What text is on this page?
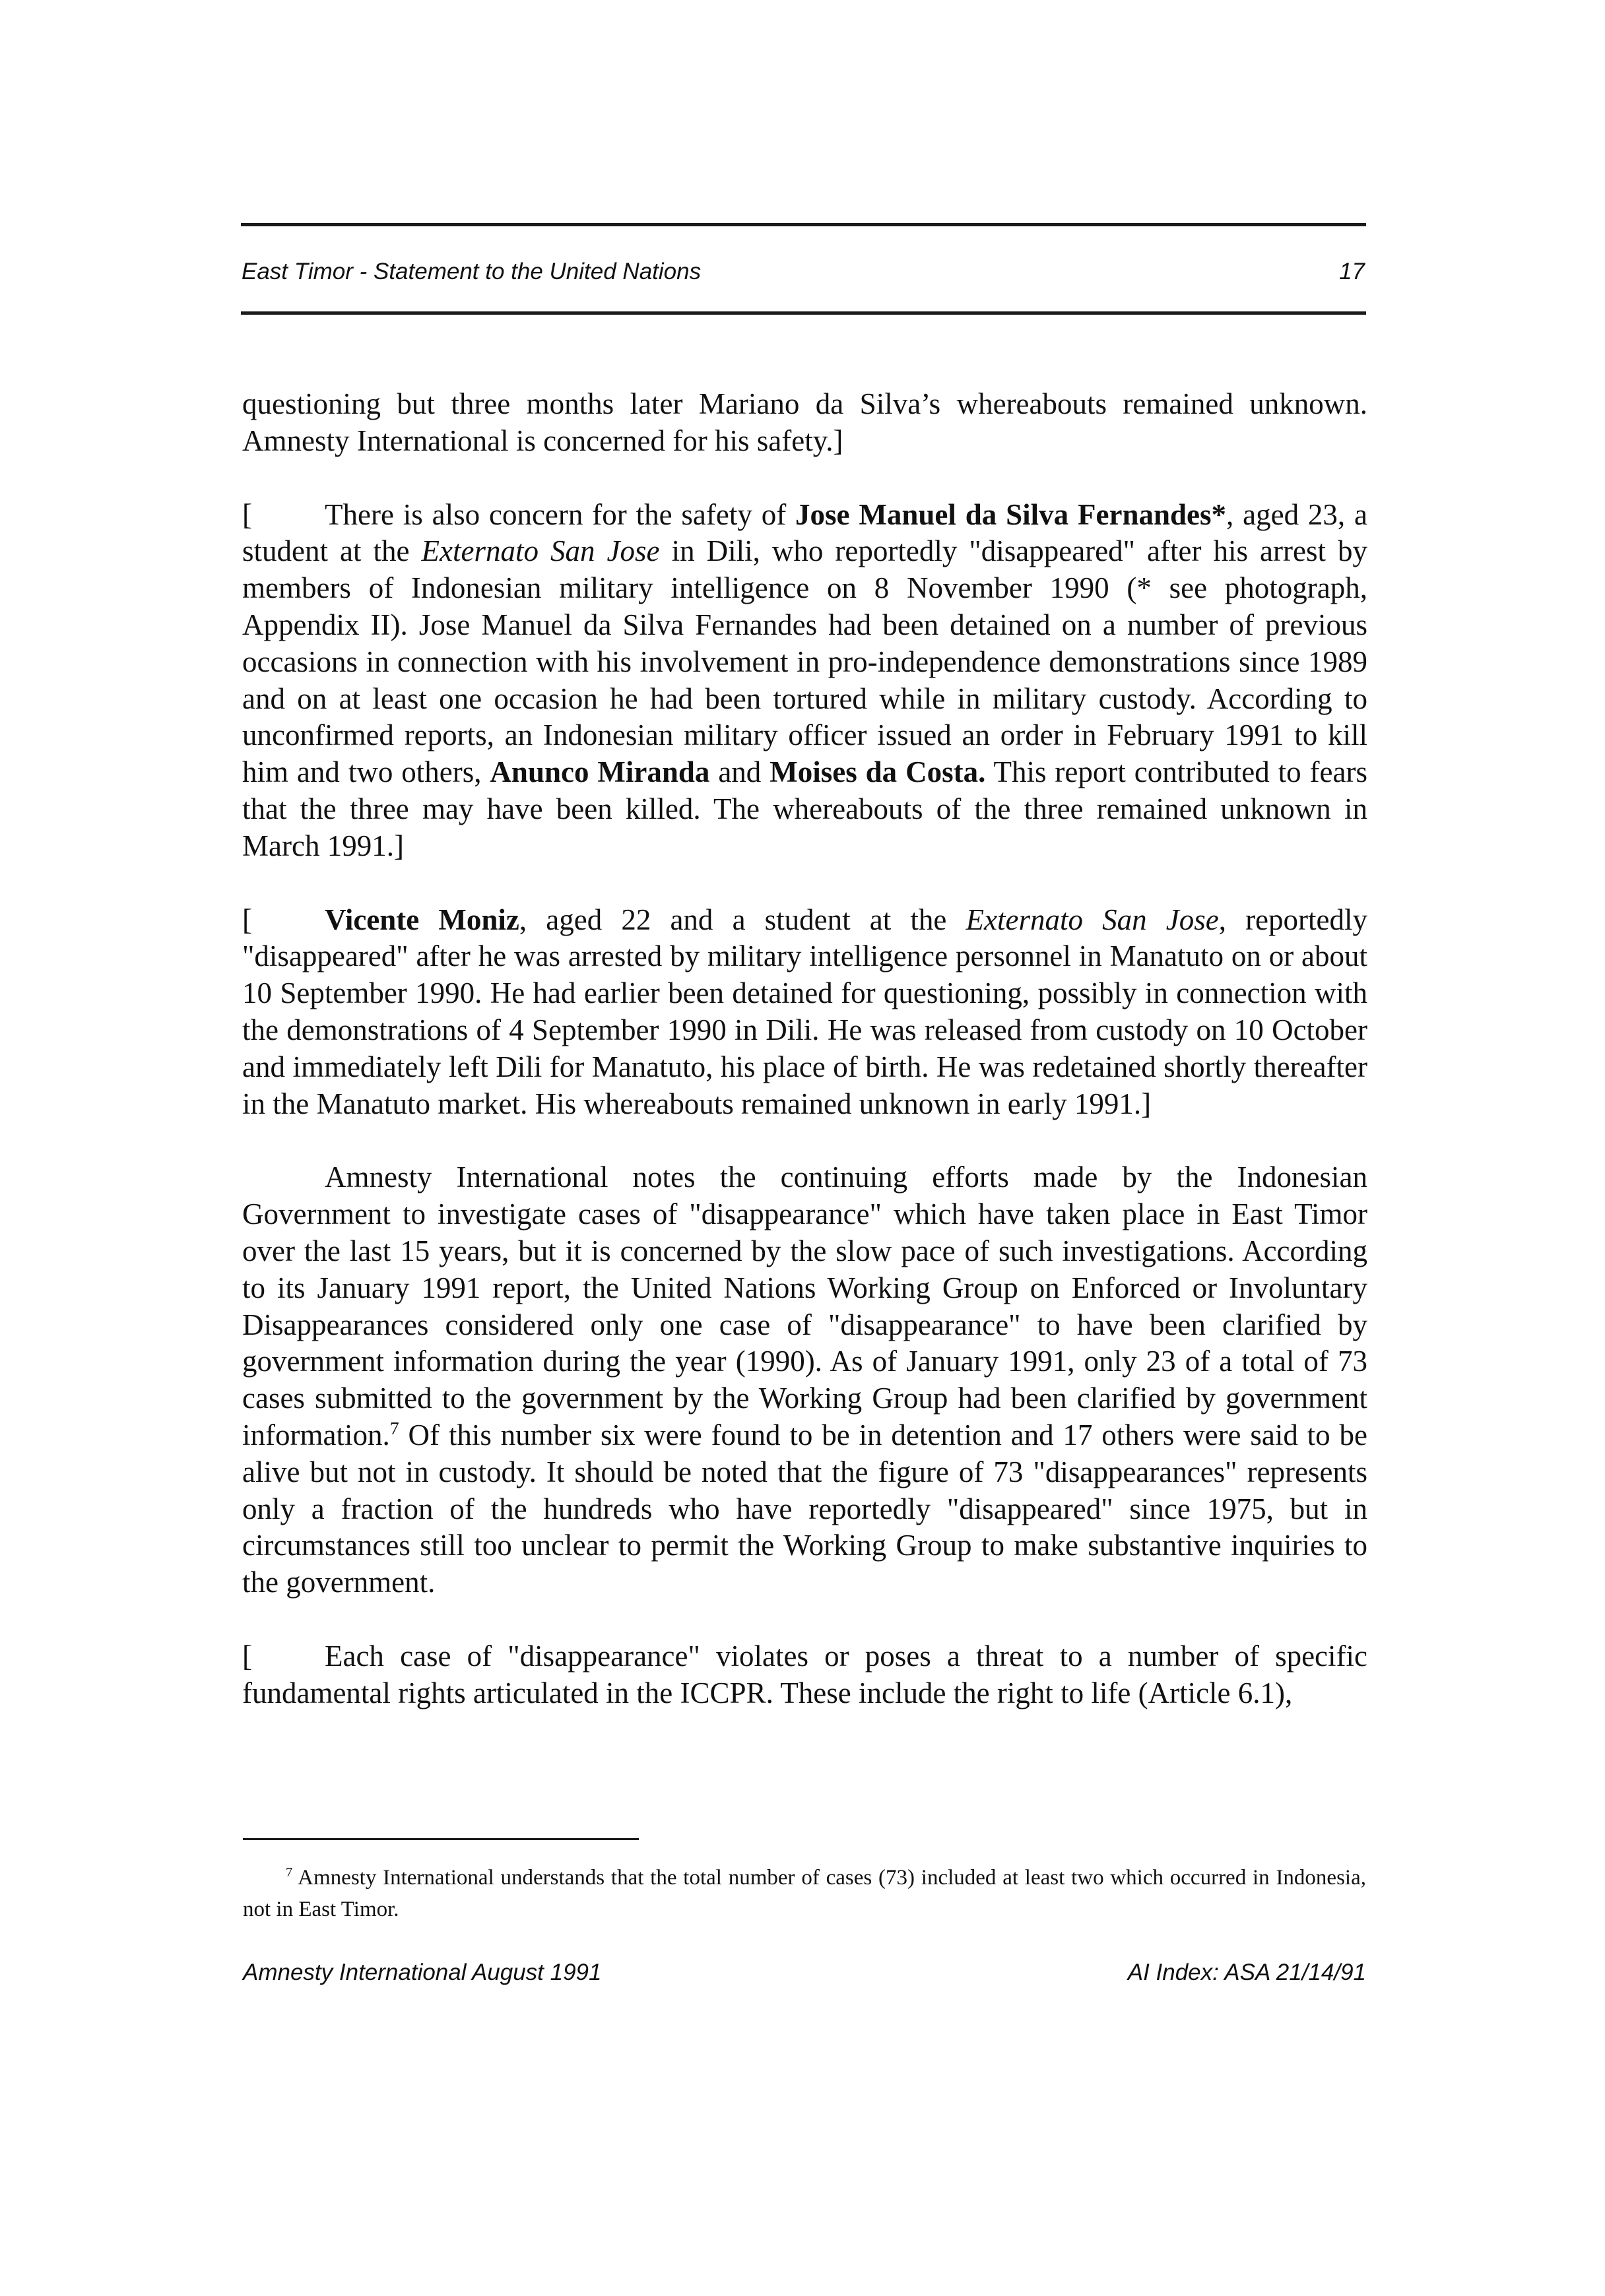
East Timor - Statement to the United Nations	17

questioning but three months later Mariano da Silva’s whereabouts remained unknown. Amnesty International is concerned for his safety.]

[ There is also concern for the safety of Jose Manuel da Silva Fernandes*, aged 23, a student at the Externato San Jose in Dili, who reportedly "disappeared" after his arrest by members of Indonesian military intelligence on 8 November 1990 (* see photograph, Appendix II). Jose Manuel da Silva Fernandes had been detained on a number of previous occasions in connection with his involvement in pro-independence demonstrations since 1989 and on at least one occasion he had been tortured while in military custody. According to unconfirmed reports, an Indonesian military officer issued an order in February 1991 to kill him and two others, Anunco Miranda and Moises da Costa. This report contributed to fears that the three may have been killed. The whereabouts of the three remained unknown in March 1991.]

[ Vicente Moniz, aged 22 and a student at the Externato San Jose, reportedly "disappeared" after he was arrested by military intelligence personnel in Manatuto on or about 10 September 1990. He had earlier been detained for questioning, possibly in connection with the demonstrations of 4 September 1990 in Dili. He was released from custody on 10 October and immediately left Dili for Manatuto, his place of birth. He was redetained shortly thereafter in the Manatuto market. His whereabouts remained unknown in early 1991.]

Amnesty International notes the continuing efforts made by the Indonesian Government to investigate cases of "disappearance" which have taken place in East Timor over the last 15 years, but it is concerned by the slow pace of such investigations. According to its January 1991 report, the United Nations Working Group on Enforced or Involuntary Disappearances considered only one case of "disappearance" to have been clarified by government information during the year (1990). As of January 1991, only 23 of a total of 73 cases submitted to the government by the Working Group had been clarified by government information.$^7$ Of this number six were found to be in detention and 17 others were said to be alive but not in custody. It should be noted that the figure of 73 "disappearances" represents only a fraction of the hundreds who have reportedly "disappeared" since 1975, but in circumstances still too unclear to permit the Working Group to make substantive inquiries to the government.

[ Each case of "disappearance" violates or poses a threat to a number of specific fundamental rights articulated in the ICCPR. These include the right to life (Article 6.1),

$^7$ Amnesty International understands that the total number of cases (73) included at least two which occurred in Indonesia, not in East Timor.
Amnesty International August 1991	AI Index: ASA 21/14/91
